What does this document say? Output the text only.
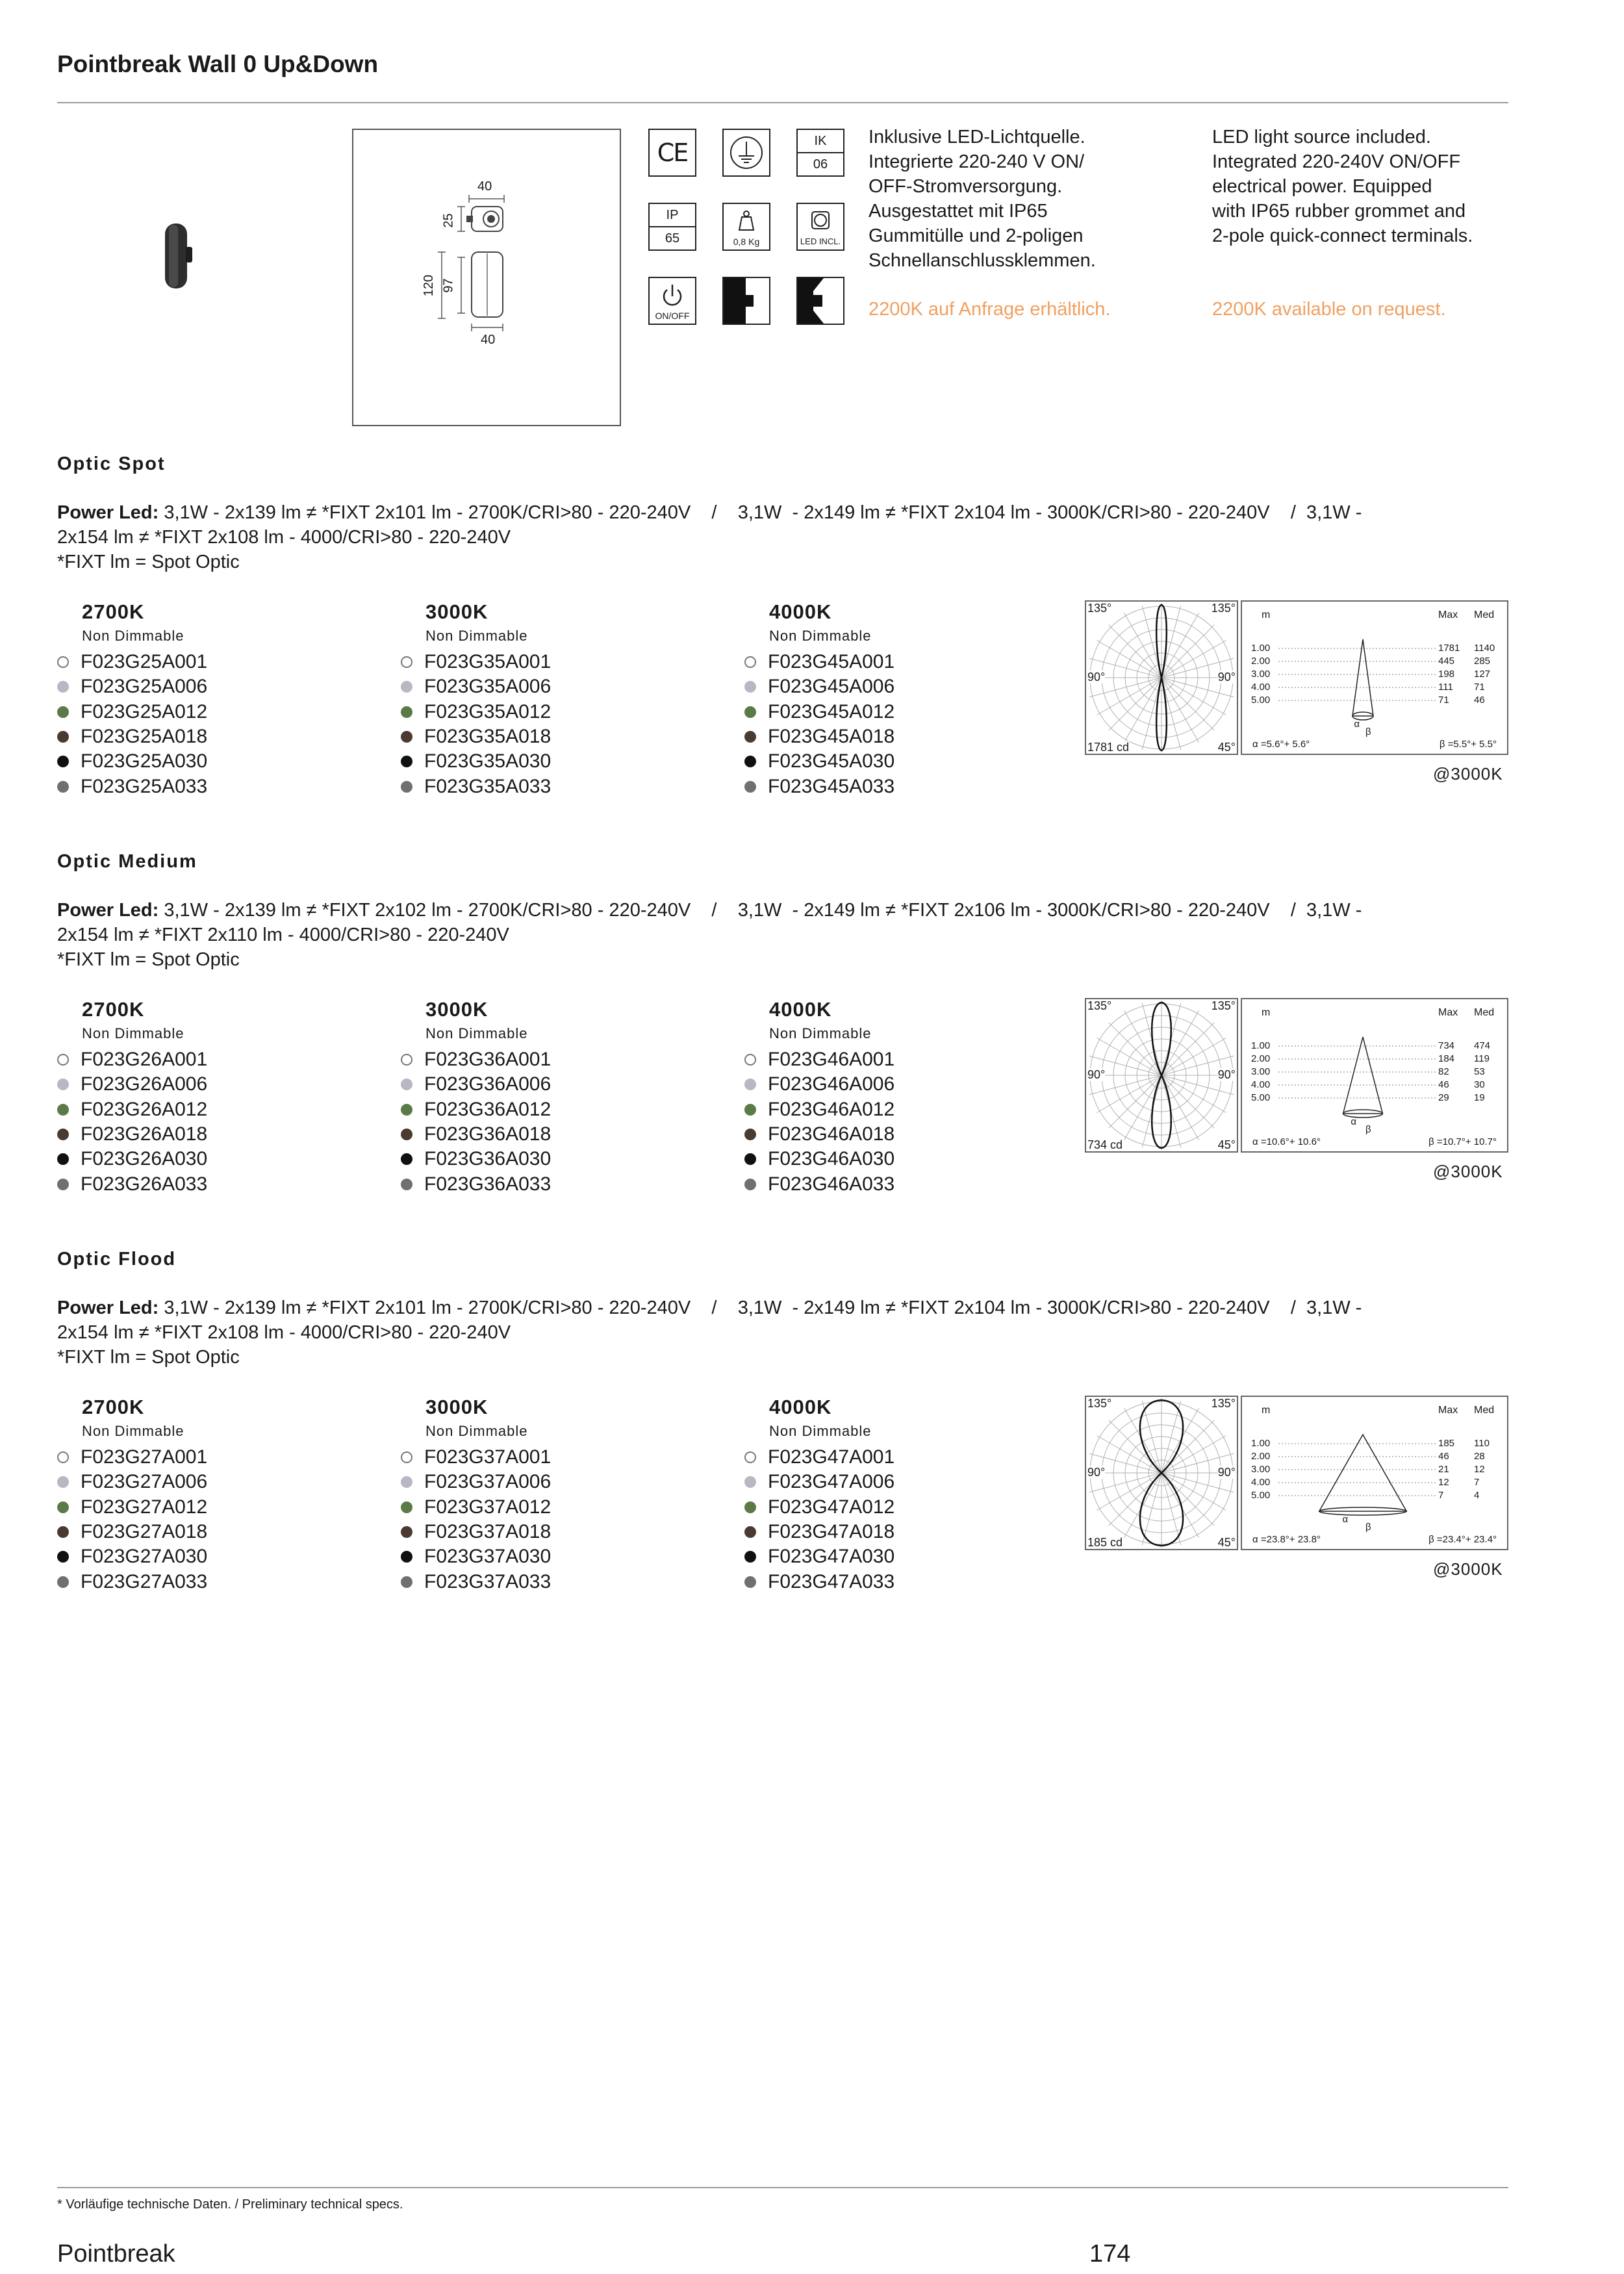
Pointbreak Wall 0 Up&Down
40
25
120 97
40
CE	IK
06
IP
65	0,8 Kg	LED INCL.
ON/OFF
Inklusive LED-Lichtquelle.
Integrierte 220-240 V ON/
OFF-Stromversorgung.
Ausgestattet mit IP65
Gummitülle und 2-poligen
Schnellanschlussklemmen.
2200K auf Anfrage erhältlich.
LED light source included.
Integrated 220-240V ON/OFF
electrical power. Equipped
with IP65 rubber grommet and
2-pole quick-connect terminals.
2200K available on request.
Optic Spot
Power Led: 3,1W - 2x139 lm ≠ *FIXT 2x101 lm - 2700K/CRI>80 - 220-240V    /    3,1W  - 2x149 lm ≠ *FIXT 2x104 lm - 3000K/CRI>80 - 220-240V    /  3,1W -
2x154 lm ≠ *FIXT 2x108 lm - 4000/CRI>80 - 220-240V
*FIXT lm = Spot Optic
2700K
Non Dimmable
F023G25A001
F023G25A006
F023G25A012
F023G25A018
F023G25A030
F023G25A033
3000K
Non Dimmable
F023G35A001
F023G35A006
F023G35A012
F023G35A018
F023G35A030
F023G35A033
4000K
Non Dimmable
F023G45A001
F023G45A006
F023G45A012
F023G45A018
F023G45A030
F023G45A033
135°	135°
90°	90°
1781 cd	45°
m	Max Med
1.00	1781 1140
2.00	445 285
3.00	198 127
4.00	111 71
5.00	71	46
α
β
α =5.6°+ 5.6°	β =5.5°+ 5.5°
@3000K
Optic Medium
Power Led: 3,1W - 2x139 lm ≠ *FIXT 2x102 lm - 2700K/CRI>80 - 220-240V    /    3,1W  - 2x149 lm ≠ *FIXT 2x106 lm - 3000K/CRI>80 - 220-240V    /  3,1W -
2x154 lm ≠ *FIXT 2x110 lm - 4000/CRI>80 - 220-240V
*FIXT lm = Spot Optic
2700K
Non Dimmable
F023G26A001
F023G26A006
F023G26A012
F023G26A018
F023G26A030
F023G26A033
3000K
Non Dimmable
F023G36A001
F023G36A006
F023G36A012
F023G36A018
F023G36A030
F023G36A033
4000K
Non Dimmable
F023G46A001
F023G46A006
F023G46A012
F023G46A018
F023G46A030
F023G46A033
135°	135°
90°	90°
734 cd	45°
m	Max Med
1.00	734 474
2.00	184 119
3.00	82	53
4.00	46	30
5.00	29	19
α
β
α =10.6°+ 10.6°	β =10.7°+ 10.7°
@3000K
Optic Flood
Power Led: 3,1W - 2x139 lm ≠ *FIXT 2x101 lm - 2700K/CRI>80 - 220-240V    /    3,1W  - 2x149 lm ≠ *FIXT 2x104 lm - 3000K/CRI>80 - 220-240V    /  3,1W -
2x154 lm ≠ *FIXT 2x108 lm - 4000/CRI>80 - 220-240V
*FIXT lm = Spot Optic
2700K
Non Dimmable
F023G27A001
F023G27A006
F023G27A012
F023G27A018
F023G27A030
F023G27A033
3000K
Non Dimmable
F023G37A001
F023G37A006
F023G37A012
F023G37A018
F023G37A030
F023G37A033
4000K
Non Dimmable
F023G47A001
F023G47A006
F023G47A012
F023G47A018
F023G47A030
F023G47A033
135°	135°
90°	90°
185 cd	45°
m	Max Med
1.00	185 110
2.00	46	28
3.00	21	12
4.00	12	7
5.00	7	4
α
β
α =23.8°+ 23.8°	β =23.4°+ 23.4°
@3000K
* Vorläufige technische Daten. / Preliminary technical specs.
Pointbreak	174
